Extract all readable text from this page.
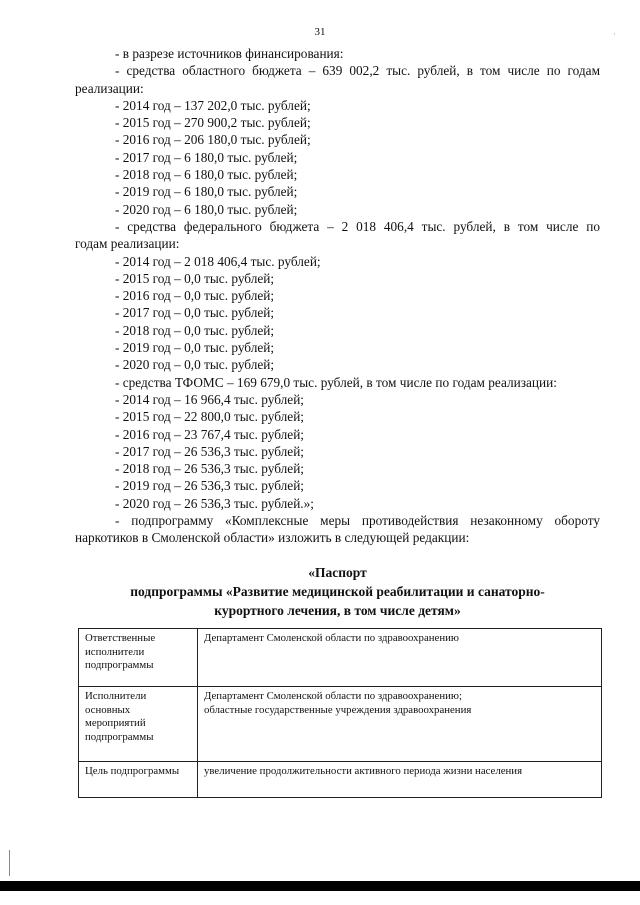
31	·
- в разрезе источников финансирования:
- средства областного бюджета – 639 002,2 тыс. рублей, в том числе по годам
реализации:
- 2014 год – 137 202,0 тыс. рублей;
- 2015 год – 270 900,2 тыс. рублей;
- 2016 год – 206 180,0 тыс. рублей;
- 2017 год – 6 180,0 тыс. рублей;
- 2018 год – 6 180,0 тыс. рублей;
- 2019 год – 6 180,0 тыс. рублей;
- 2020 год – 6 180,0 тыс. рублей;
- средства федерального бюджета – 2 018 406,4 тыс. рублей, в том числе по
годам реализации:
- 2014 год – 2 018 406,4 тыс. рублей;
- 2015 год – 0,0 тыс. рублей;
- 2016 год – 0,0 тыс. рублей;
- 2017 год – 0,0 тыс. рублей;
- 2018 год – 0,0 тыс. рублей;
- 2019 год – 0,0 тыс. рублей;
- 2020 год – 0,0 тыс. рублей;
- средства ТФОМС – 169 679,0 тыс. рублей, в том числе по годам реализации:
- 2014 год – 16 966,4 тыс. рублей;
- 2015 год – 22 800,0 тыс. рублей;
- 2016 год – 23 767,4 тыс. рублей;
- 2017 год – 26 536,3 тыс. рублей;
- 2018 год – 26 536,3 тыс. рублей;
- 2019 год – 26 536,3 тыс. рублей;
- 2020 год – 26 536,3 тыс. рублей.»;
- подпрограмму «Комплексные меры противодействия незаконному обороту
наркотиков в Смоленской области» изложить в следующей редакции:
«Паспорт
подпрограммы «Развитие медицинской реабилитации и санаторно-
курортного лечения, в том числе детям»
Ответственные исполнители подпрограммы	Департамент Смоленской области по здравоохранению

Исполнители основных мероприятий подпрограммы	Департамент Смоленской области по здравоохранению;
областные государственные учреждения здравоохранения

Цель подпрограммы	увеличение продолжительности активного периода жизни населения
